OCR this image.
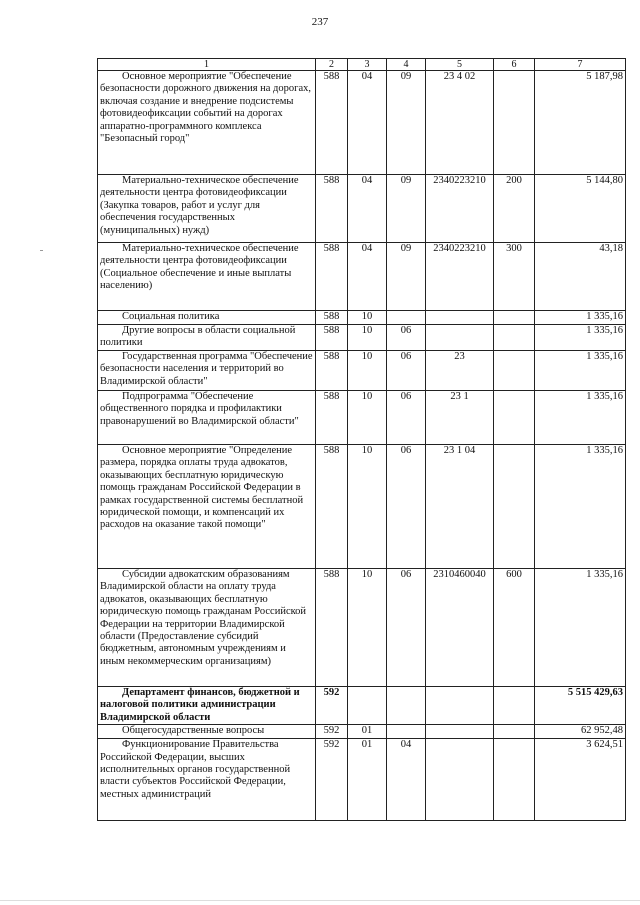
237
1	2	3	4	5	6	7
Основное мероприятие "Обеспечение безопасности дорожного движения на дорогах, включая создание и внедрение подсистемы фотовидеофиксации событий на дорогах аппаратно-программного комплекса "Безопасный город"	588	04	09	23 4 02		5 187,98
Материально-техническое обеспечение деятельности центра фотовидеофиксации (Закупка товаров, работ и услуг для обеспечения государственных (муниципальных) нужд)	588	04	09	2340223210	200	5 144,80
Материально-техническое обеспечение деятельности центра фотовидеофиксации (Социальное обеспечение и иные выплаты населению)	588	04	09	2340223210	300	43,18
Социальная политика	588	10				1 335,16
Другие вопросы в области социальной политики	588	10	06			1 335,16
Государственная программа "Обеспечение безопасности населения и территорий во Владимирской области"	588	10	06	23		1 335,16
Подпрограмма "Обеспечение общественного порядка и профилактики правонарушений во Владимирской области"	588	10	06	23 1		1 335,16
Основное мероприятие "Определение размера, порядка оплаты труда адвокатов, оказывающих бесплатную юридическую помощь гражданам Российской Федерации в рамках государственной системы бесплатной юридической помощи, и компенсаций их расходов на оказание такой помощи"	588	10	06	23 1 04		1 335,16
Субсидии адвокатским образованиям Владимирской области на оплату труда адвокатов, оказывающих бесплатную юридическую помощь гражданам Российской Федерации на территории Владимирской области (Предоставление субсидий бюджетным, автономным учреждениям и иным некоммерческим организациям)	588	10	06	2310460040	600	1 335,16
Департамент финансов, бюджетной и налоговой политики администрации Владимирской области	592					5 515 429,63
Общегосударственные вопросы	592	01				62 952,48
Функционирование Правительства Российской Федерации, высших исполнительных органов государственной власти субъектов Российской Федерации, местных администраций	592	01	04			3 624,51
